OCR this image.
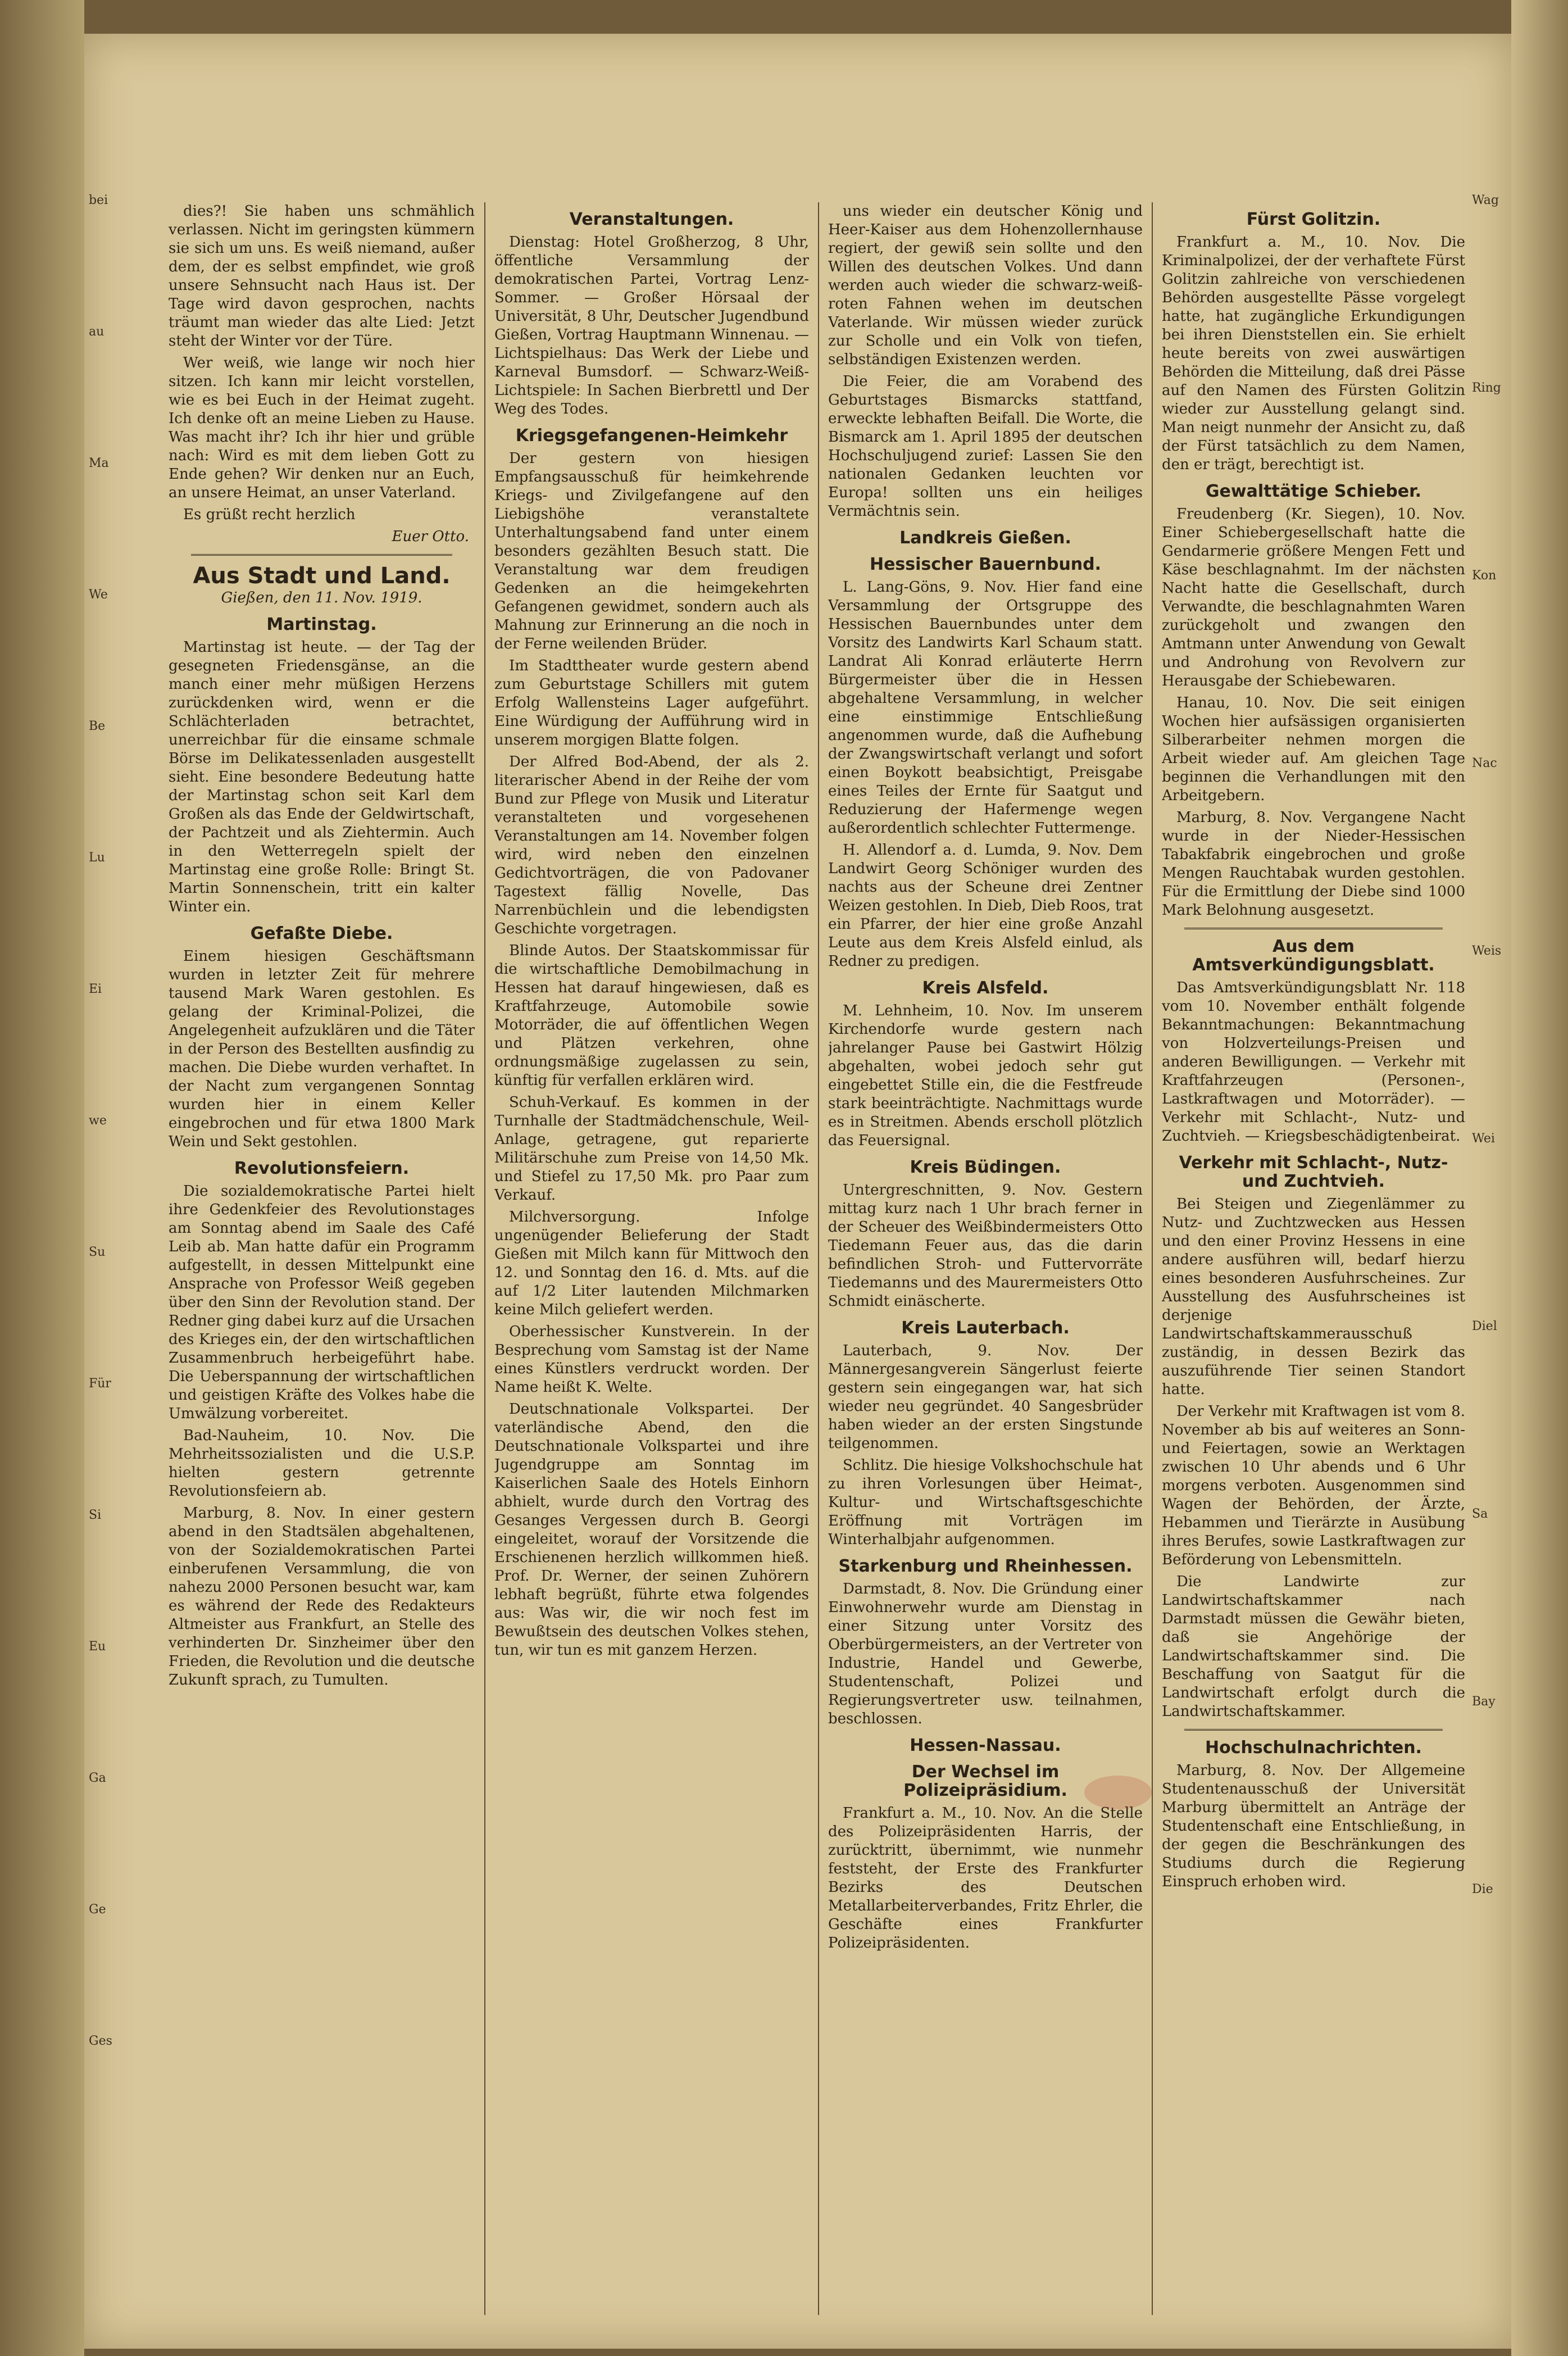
bei
au
Ma
We
Be
Lu
Ei
we
Su
Für
Si
Eu
Ga
Ge
Ges
Wag
Ring
Kon
Nac
Weis
Wei
Diel
Sa
Bay
Die

dies?! Sie haben uns schmählich verlassen. Nicht im geringsten kümmern sie sich um uns. Es weiß niemand, außer dem, der es selbst empfindet, wie groß unsere Sehnsucht nach Haus ist. Der Tage wird davon gesprochen, nachts träumt man wieder das alte Lied: Jetzt steht der Winter vor der Türe.

Wer weiß, wie lange wir noch hier sitzen. Ich kann mir leicht vorstellen, wie es bei Euch in der Heimat zugeht. Ich denke oft an meine Lieben zu Hause. Was macht ihr? Ich ihr hier und grüble nach: Wird es mit dem lieben Gott zu Ende gehen? Wir denken nur an Euch, an unsere Heimat, an unser Vaterland.

Es grüßt recht herzlich

Euer Otto.
Aus Stadt und Land.
Gießen, den 11. Nov. 1919.
Martinstag.

Martinstag ist heute. — der Tag der gesegneten Friedensgänse, an die manch einer mehr müßigen Herzens zurückdenken wird, wenn er die Schlächterladen betrachtet, unerreichbar für die einsame schmale Börse im Delikatessenladen ausgestellt sieht. Eine besondere Bedeutung hatte der Martinstag schon seit Karl dem Großen als das Ende der Geldwirtschaft, der Pachtzeit und als Ziehtermin. Auch in den Wetterregeln spielt der Martinstag eine große Rolle: Bringt St. Martin Sonnenschein, tritt ein kalter Winter ein.

Gefaßte Diebe.

Einem hiesigen Geschäftsmann wurden in letzter Zeit für mehrere tausend Mark Waren gestohlen. Es gelang der Kriminal-Polizei, die Angelegenheit aufzuklären und die Täter in der Person des Bestellten ausfindig zu machen. Die Diebe wurden verhaftet. In der Nacht zum vergangenen Sonntag wurden hier in einem Keller eingebrochen und für etwa 1800 Mark Wein und Sekt gestohlen.

Revolutionsfeiern.

Die sozialdemokratische Partei hielt ihre Gedenkfeier des Revolutionstages am Sonntag abend im Saale des Café Leib ab. Man hatte dafür ein Programm aufgestellt, in dessen Mittelpunkt eine Ansprache von Professor Weiß gegeben über den Sinn der Revolution stand. Der Redner ging dabei kurz auf die Ursachen des Krieges ein, der den wirtschaftlichen Zusammenbruch herbeigeführt habe. Die Ueberspannung der wirtschaftlichen und geistigen Kräfte des Volkes habe die Umwälzung vorbereitet.

Bad-Nauheim, 10. Nov. Die Mehrheitssozialisten und die U.S.P. hielten gestern getrennte Revolutionsfeiern ab.

Marburg, 8. Nov. In einer gestern abend in den Stadtsälen abgehaltenen, von der Sozialdemokratischen Partei einberufenen Versammlung, die von nahezu 2000 Personen besucht war, kam es während der Rede des Redakteurs Altmeister aus Frankfurt, an Stelle des verhinderten Dr. Sinzheimer über den Frieden, die Revolution und die deutsche Zukunft sprach, zu Tumulten.

Veranstaltungen.

Dienstag: Hotel Großherzog, 8 Uhr, öffentliche Versammlung der demokratischen Partei, Vortrag Lenz-Sommer. — Großer Hörsaal der Universität, 8 Uhr, Deutscher Jugendbund Gießen, Vortrag Hauptmann Winnenau. — Lichtspielhaus: Das Werk der Liebe und Karneval Bumsdorf. — Schwarz-Weiß-Lichtspiele: In Sachen Bierbrettl und Der Weg des Todes.

Kriegsgefangenen-Heimkehr

Der gestern von hiesigen Empfangsausschuß für heimkehrende Kriegs- und Zivilgefangene auf den Liebigshöhe veranstaltete Unterhaltungsabend fand unter einem besonders gezählten Besuch statt. Die Veranstaltung war dem freudigen Gedenken an die heimgekehrten Gefangenen gewidmet, sondern auch als Mahnung zur Erinnerung an die noch in der Ferne weilenden Brüder.

Im Stadttheater wurde gestern abend zum Geburtstage Schillers mit gutem Erfolg Wallensteins Lager aufgeführt. Eine Würdigung der Aufführung wird in unserem morgigen Blatte folgen.

Der Alfred Bod-Abend, der als 2. literarischer Abend in der Reihe der vom Bund zur Pflege von Musik und Literatur veranstalteten und vorgesehenen Veranstaltungen am 14. November folgen wird, wird neben den einzelnen Gedichtvorträgen, die von Padovaner Tagestext fällig Novelle, Das Narrenbüchlein und die lebendigsten Geschichte vorgetragen.

Blinde Autos. Der Staatskommissar für die wirtschaftliche Demobilmachung in Hessen hat darauf hingewiesen, daß es Kraftfahrzeuge, Automobile sowie Motorräder, die auf öffentlichen Wegen und Plätzen verkehren, ohne ordnungsmäßige zugelassen zu sein, künftig für verfallen erklären wird.

Schuh-Verkauf. Es kommen in der Turnhalle der Stadtmädchenschule, Weil-Anlage, getragene, gut reparierte Militärschuhe zum Preise von 14,50 Mk. und Stiefel zu 17,50 Mk. pro Paar zum Verkauf.

Milchversorgung. Infolge ungenügender Belieferung der Stadt Gießen mit Milch kann für Mittwoch den 12. und Sonntag den 16. d. Mts. auf die auf 1/2 Liter lautenden Milchmarken keine Milch geliefert werden.

Oberhessischer Kunstverein. In der Besprechung vom Samstag ist der Name eines Künstlers verdruckt worden. Der Name heißt K. Welte.

Deutschnationale Volkspartei. Der vaterländische Abend, den die Deutschnationale Volkspartei und ihre Jugendgruppe am Sonntag im Kaiserlichen Saale des Hotels Einhorn abhielt, wurde durch den Vortrag des Gesanges Vergessen durch B. Georgi eingeleitet, worauf der Vorsitzende die Erschienenen herzlich willkommen hieß. Prof. Dr. Werner, der seinen Zuhörern lebhaft begrüßt, führte etwa folgendes aus: Was wir, die wir noch fest im Bewußtsein des deutschen Volkes stehen, tun, wir tun es mit ganzem Herzen.

uns wieder ein deutscher König und Heer-Kaiser aus dem Hohenzollernhause regiert, der gewiß sein sollte und den Willen des deutschen Volkes. Und dann werden auch wieder die schwarz-weiß-roten Fahnen wehen im deutschen Vaterlande. Wir müssen wieder zurück zur Scholle und ein Volk von tiefen, selbständigen Existenzen werden.

Die Feier, die am Vorabend des Geburtstages Bismarcks stattfand, erweckte lebhaften Beifall. Die Worte, die Bismarck am 1. April 1895 der deutschen Hochschuljugend zurief: Lassen Sie den nationalen Gedanken leuchten vor Europa! sollten uns ein heiliges Vermächtnis sein.

Landkreis Gießen.
Hessischer Bauernbund.

L. Lang-Göns, 9. Nov. Hier fand eine Versammlung der Ortsgruppe des Hessischen Bauernbundes unter dem Vorsitz des Landwirts Karl Schaum statt. Landrat Ali Konrad erläuterte Herrn Bürgermeister über die in Hessen abgehaltene Versammlung, in welcher eine einstimmige Entschließung angenommen wurde, daß die Aufhebung der Zwangswirtschaft verlangt und sofort einen Boykott beabsichtigt, Preisgabe eines Teiles der Ernte für Saatgut und Reduzierung der Hafermenge wegen außerordentlich schlechter Futtermenge.

H. Allendorf a. d. Lumda, 9. Nov. Dem Landwirt Georg Schöniger wurden des nachts aus der Scheune drei Zentner Weizen gestohlen. In Dieb, Dieb Roos, trat ein Pfarrer, der hier eine große Anzahl Leute aus dem Kreis Alsfeld einlud, als Redner zu predigen.

Kreis Alsfeld.

M. Lehnheim, 10. Nov. Im unserem Kirchendorfe wurde gestern nach jahrelanger Pause bei Gastwirt Hölzig abgehalten, wobei jedoch sehr gut eingebettet Stille ein, die die Festfreude stark beeinträchtigte. Nachmittags wurde es in Streitmen. Abends erscholl plötzlich das Feuersignal.

Kreis Büdingen.

Untergreschnitten, 9. Nov. Gestern mittag kurz nach 1 Uhr brach ferner in der Scheuer des Weißbindermeisters Otto Tiedemann Feuer aus, das die darin befindlichen Stroh- und Futtervorräte Tiedemanns und des Maurermeisters Otto Schmidt einäscherte.

Kreis Lauterbach.

Lauterbach, 9. Nov. Der Männergesangverein Sängerlust feierte gestern sein eingegangen war, hat sich wieder neu gegründet. 40 Sangesbrüder haben wieder an der ersten Singstunde teilgenommen.

Schlitz. Die hiesige Volkshochschule hat zu ihren Vorlesungen über Heimat-, Kultur- und Wirtschaftsgeschichte Eröffnung mit Vorträgen im Winterhalbjahr aufgenommen.

Starkenburg und Rheinhessen.

Darmstadt, 8. Nov. Die Gründung einer Einwohnerwehr wurde am Dienstag in einer Sitzung unter Vorsitz des Oberbürgermeisters, an der Vertreter von Industrie, Handel und Gewerbe, Studentenschaft, Polizei und Regierungsvertreter usw. teilnahmen, beschlossen.

Hessen-Nassau.
Der Wechsel im Polizeipräsidium.

Frankfurt a. M., 10. Nov. An die Stelle des Polizeipräsidenten Harris, der zurücktritt, übernimmt, wie nunmehr feststeht, der Erste des Frankfurter Bezirks des Deutschen Metallarbeiterverbandes, Fritz Ehrler, die Geschäfte eines Frankfurter Polizeipräsidenten.

Fürst Golitzin.

Frankfurt a. M., 10. Nov. Die Kriminalpolizei, der der verhaftete Fürst Golitzin zahlreiche von verschiedenen Behörden ausgestellte Pässe vorgelegt hatte, hat zugängliche Erkundigungen bei ihren Dienststellen ein. Sie erhielt heute bereits von zwei auswärtigen Behörden die Mitteilung, daß drei Pässe auf den Namen des Fürsten Golitzin wieder zur Ausstellung gelangt sind. Man neigt nunmehr der Ansicht zu, daß der Fürst tatsächlich zu dem Namen, den er trägt, berechtigt ist.

Gewalttätige Schieber.

Freudenberg (Kr. Siegen), 10. Nov. Einer Schiebergesellschaft hatte die Gendarmerie größere Mengen Fett und Käse beschlagnahmt. Im der nächsten Nacht hatte die Gesellschaft, durch Verwandte, die beschlagnahmten Waren zurückgeholt und zwangen den Amtmann unter Anwendung von Gewalt und Androhung von Revolvern zur Herausgabe der Schiebewaren.

Hanau, 10. Nov. Die seit einigen Wochen hier aufsässigen organisierten Silberarbeiter nehmen morgen die Arbeit wieder auf. Am gleichen Tage beginnen die Verhandlungen mit den Arbeitgebern.

Marburg, 8. Nov. Vergangene Nacht wurde in der Nieder-Hessischen Tabakfabrik eingebrochen und große Mengen Rauchtabak wurden gestohlen. Für die Ermittlung der Diebe sind 1000 Mark Belohnung ausgesetzt.

Aus dem Amtsverkündigungsblatt.

Das Amtsverkündigungsblatt Nr. 118 vom 10. November enthält folgende Bekanntmachungen: Bekanntmachung von Holzverteilungs-Preisen und anderen Bewilligungen. — Verkehr mit Kraftfahrzeugen (Personen-, Lastkraftwagen und Motorräder). — Verkehr mit Schlacht-, Nutz- und Zuchtvieh. — Kriegsbeschädigtenbeirat.

Verkehr mit Schlacht-, Nutz- und Zuchtvieh.

Bei Steigen und Ziegenlämmer zu Nutz- und Zuchtzwecken aus Hessen und den einer Provinz Hessens in eine andere ausführen will, bedarf hierzu eines besonderen Ausfuhrscheines. Zur Ausstellung des Ausfuhrscheines ist derjenige Landwirtschaftskammerausschuß zuständig, in dessen Bezirk das auszuführende Tier seinen Standort hatte.

Der Verkehr mit Kraftwagen ist vom 8. November ab bis auf weiteres an Sonn- und Feiertagen, sowie an Werktagen zwischen 10 Uhr abends und 6 Uhr morgens verboten. Ausgenommen sind Wagen der Behörden, der Ärzte, Hebammen und Tierärzte in Ausübung ihres Berufes, sowie Lastkraftwagen zur Beförderung von Lebensmitteln.

Die Landwirte zur Landwirtschaftskammer nach Darmstadt müssen die Gewähr bieten, daß sie Angehörige der Landwirtschaftskammer sind. Die Beschaffung von Saatgut für die Landwirtschaft erfolgt durch die Landwirtschaftskammer.

Hochschulnachrichten.

Marburg, 8. Nov. Der Allgemeine Studentenausschuß der Universität Marburg übermittelt an Anträge der Studentenschaft eine Entschließung, in der gegen die Beschränkungen des Studiums durch die Regierung Einspruch erhoben wird.
